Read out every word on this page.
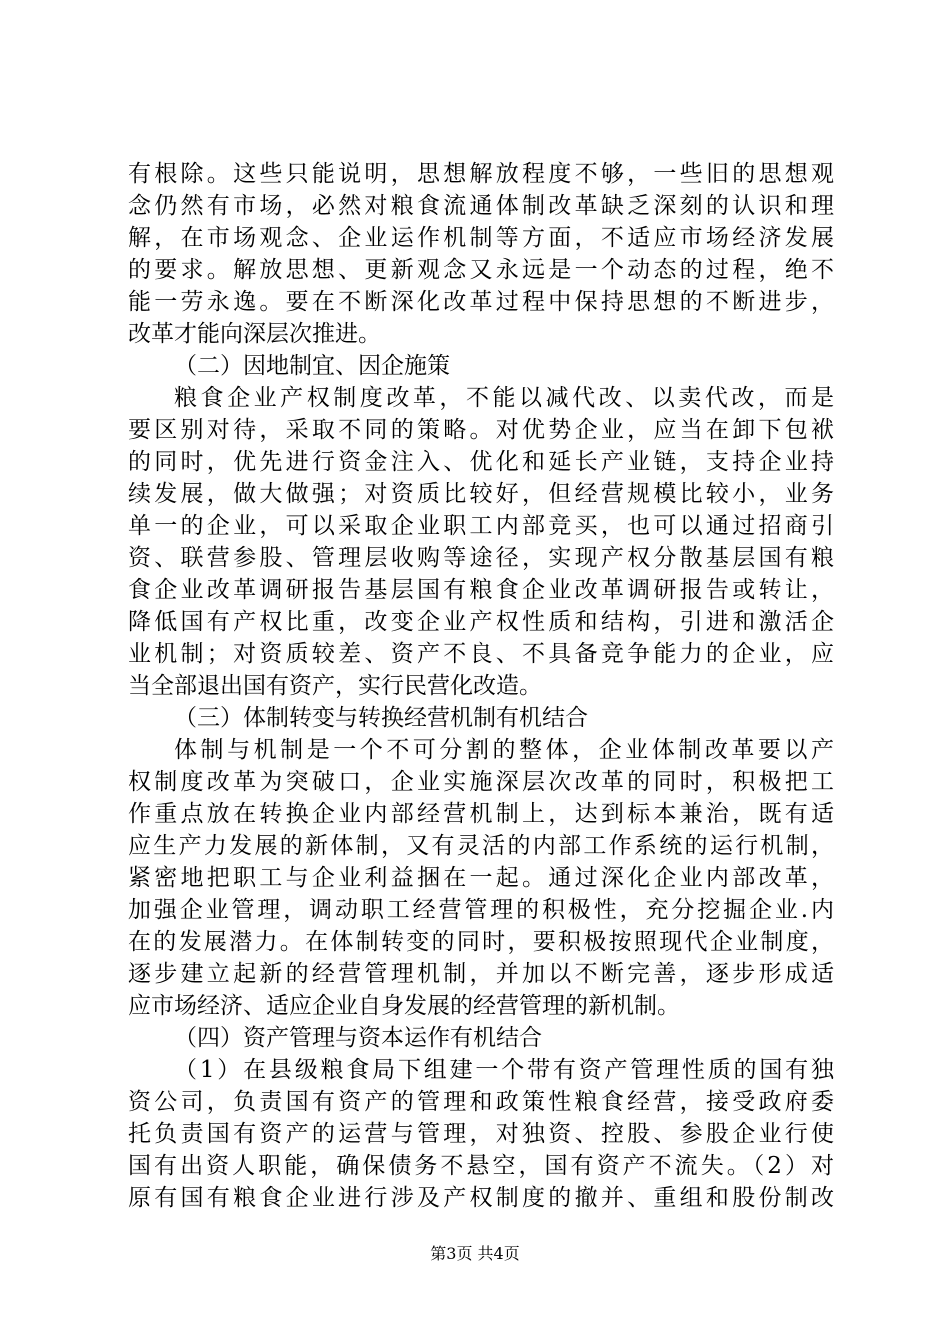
有根除。这些只能说明，思想解放程度不够，一些旧的思想观
念仍然有市场，必然对粮食流通体制改革缺乏深刻的认识和理
解，在市场观念、企业运作机制等方面，不适应市场经济发展
的要求。解放思想、更新观念又永远是一个动态的过程，绝不
能一劳永逸。要在不断深化改革过程中保持思想的不断进步，
改革才能向深层次推进。
（二）因地制宜、因企施策
粮食企业产权制度改革，不能以减代改、以卖代改，而是
要区别对待，采取不同的策略。对优势企业，应当在卸下包袱
的同时，优先进行资金注入、优化和延长产业链，支持企业持
续发展，做大做强；对资质比较好，但经营规模比较小，业务
单一的企业，可以采取企业职工内部竞买，也可以通过招商引
资、联营参股、管理层收购等途径，实现产权分散基层国有粮
食企业改革调研报告基层国有粮食企业改革调研报告或转让，
降低国有产权比重，改变企业产权性质和结构，引进和激活企
业机制；对资质较差、资产不良、不具备竞争能力的企业，应
当全部退出国有资产，实行民营化改造。
（三）体制转变与转换经营机制有机结合
体制与机制是一个不可分割的整体，企业体制改革要以产
权制度改革为突破口，企业实施深层次改革的同时，积极把工
作重点放在转换企业内部经营机制上，达到标本兼治，既有适
应生产力发展的新体制，又有灵活的内部工作系统的运行机制，
紧密地把职工与企业利益捆在一起。通过深化企业内部改革，
加强企业管理，调动职工经营管理的积极性，充分挖掘企业.内
在的发展潜力。在体制转变的同时，要积极按照现代企业制度，
逐步建立起新的经营管理机制，并加以不断完善，逐步形成适
应市场经济、适应企业自身发展的经营管理的新机制。
（四）资产管理与资本运作有机结合
（1）在县级粮食局下组建一个带有资产管理性质的国有独
资公司，负责国有资产的管理和政策性粮食经营，接受政府委
托负责国有资产的运营与管理，对独资、控股、参股企业行使
国有出资人职能，确保债务不悬空，国有资产不流失。（2）对
原有国有粮食企业进行涉及产权制度的撤并、重组和股份制改
第3页 共4页
